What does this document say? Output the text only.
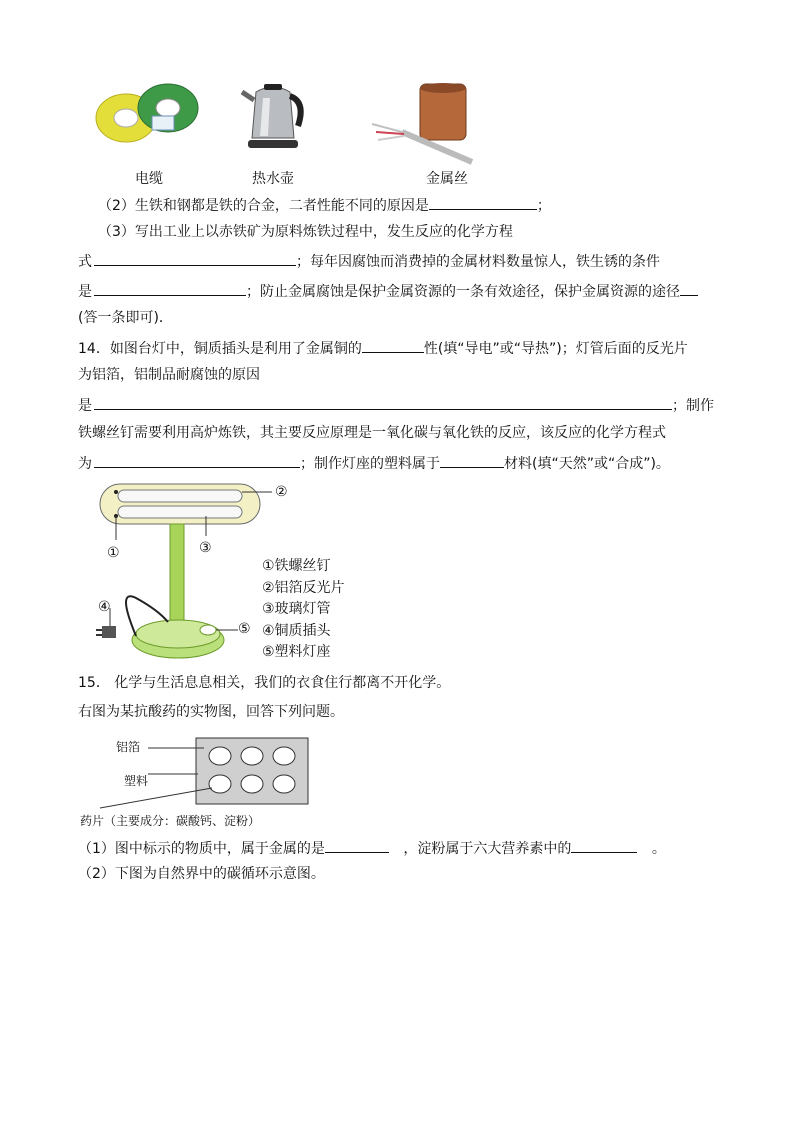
电缆	热水壶	金属丝
（2）生铁和钢都是铁的合金，二者性能不同的原因是	；
（3）写出工业上以赤铁矿为原料炼铁过程中，发生反应的化学方程
式	；每年因腐蚀而消费掉的金属材料数量惊人，铁生锈的条件
是	；防止金属腐蚀是保护金属资源的一条有效途径，保护金属资源的途径
(答一条即可)．
14．如图台灯中，铜质插头是利用了金属铜的	性(填“导电”或“导热”)；灯管后面的反光片
为铝箔，铝制品耐腐蚀的原因
是	；制作
铁螺丝钉需要利用高炉炼铁，其主要反应原理是一氧化碳与氧化铁的反应，该反应的化学方程式
为	；制作灯座的塑料属于	材料(填“天然”或“合成”)。
①
②
③
④
⑤
①铁螺丝钉
②铝箔反光片
③玻璃灯管
④铜质插头
⑤塑料灯座
15． 化学与生活息息相关，我们的衣食住行都离不开化学。
右图为某抗酸药的实物图，回答下列问题。
铝箔
塑料
药片（主要成分：碳酸钙、淀粉）
（1）图中标示的物质中，属于金属的是	，淀粉属于六大营养素中的	。
（2）下图为自然界中的碳循环示意图。
